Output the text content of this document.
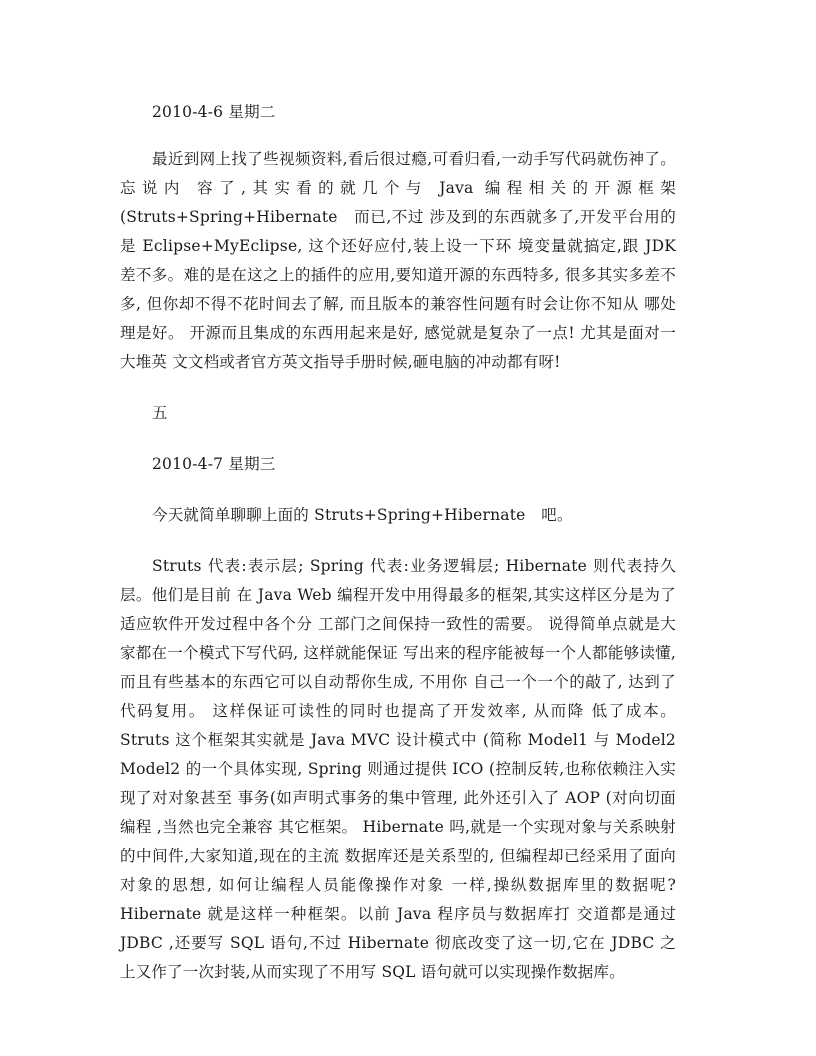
2010-4-6 星期二

最近到网上找了些视频资料,看后很过瘾,可看归看,一动手写代码就伤神了。忘说内 容了,其实看的就几个与 Java 编程相关的开源框架(Struts+Spring+Hibernate　而已,不过 涉及到的东西就多了,开发平台用的是 Eclipse+MyEclipse, 这个还好应付,装上设一下环 境变量就搞定,跟 JDK 差不多。难的是在这之上的插件的应用,要知道开源的东西特多, 很多其实多差不多, 但你却不得不花时间去了解, 而且版本的兼容性问题有时会让你不知从 哪处理是好。 开源而且集成的东西用起来是好, 感觉就是复杂了一点! 尤其是面对一大堆英 文文档或者官方英文指导手册时候,砸电脑的冲动都有呀!

五

2010-4-7 星期三

今天就简单聊聊上面的 Struts+Spring+Hibernate　吧。

Struts 代表:表示层; Spring 代表:业务逻辑层; Hibernate 则代表持久层。他们是目前 在 Java Web 编程开发中用得最多的框架,其实这样区分是为了适应软件开发过程中各个分 工部门之间保持一致性的需要。 说得简单点就是大家都在一个模式下写代码, 这样就能保证 写出来的程序能被每一个人都能够读懂, 而且有些基本的东西它可以自动帮你生成, 不用你 自己一个一个的敲了, 达到了代码复用。 这样保证可读性的同时也提高了开发效率, 从而降 低了成本。 Struts 这个框架其实就是 Java MVC 设计模式中 (简称 Model1 与 Model2 Model2 的一个具体实现, Spring 则通过提供 ICO (控制反转,也称依赖注入实现了对对象甚至 事务(如声明式事务的集中管理, 此外还引入了 AOP (对向切面编程 ,当然也完全兼容 其它框架。 Hibernate 吗,就是一个实现对象与关系映射的中间件,大家知道,现在的主流 数据库还是关系型的, 但编程却已经采用了面向对象的思想, 如何让编程人员能像操作对象 一样,操纵数据库里的数据呢? Hibernate 就是这样一种框架。以前 Java 程序员与数据库打 交道都是通过 JDBC ,还要写 SQL 语句,不过 Hibernate 彻底改变了这一切,它在 JDBC 之 上又作了一次封装,从而实现了不用写 SQL 语句就可以实现操作数据库。
